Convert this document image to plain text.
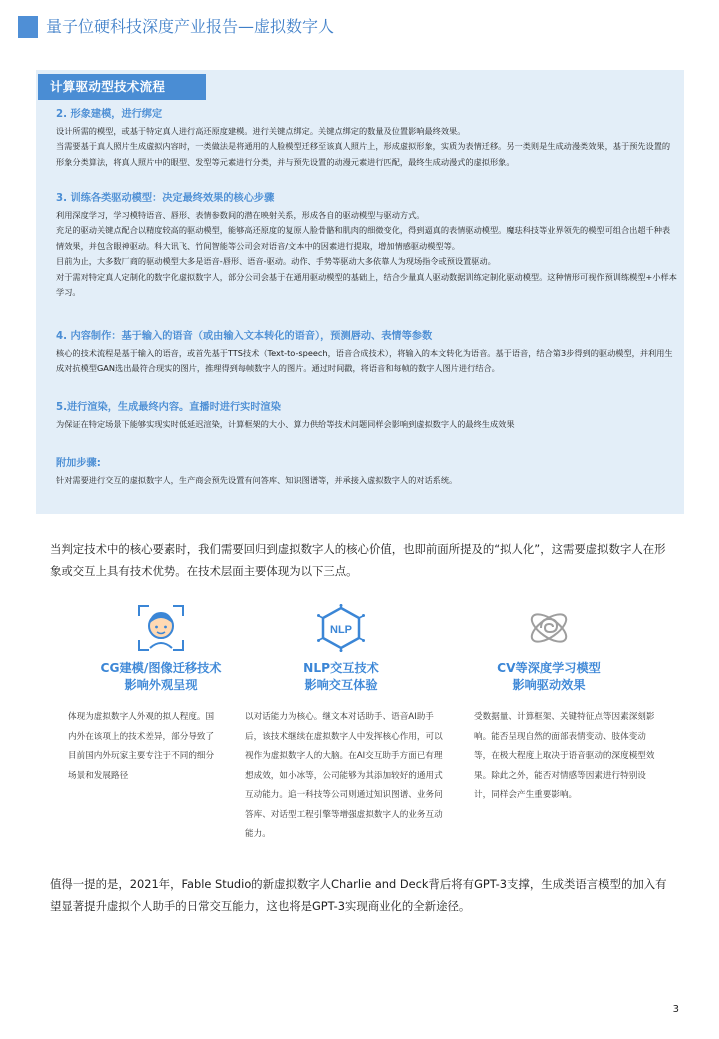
量子位硬科技深度产业报告—虚拟数字人
计算驱动型技术流程
2. 形象建模，进行绑定

设计所需的模型，或基于特定真人进行高还原度建模。进行关键点绑定。关键点绑定的数量及位置影响最终效果。

当需要基于真人照片生成虚拟内容时，一类做法是将通用的人脸模型迁移至该真人照片上，形成虚拟形象，实质为表情迁移。另一类则是生成动漫类效果，基于预先设置的形象分类算法，将真人照片中的眼型、发型等元素进行分类，并与预先设置的动漫元素进行匹配，最终生成动漫式的虚拟形象。

3. 训练各类驱动模型：决定最终效果的核心步骤

利用深度学习，学习模特语音、唇形、表情参数间的潜在映射关系，形成各自的驱动模型与驱动方式。

充足的驱动关键点配合以精度较高的驱动模型，能够高还原度的复原人脸骨骼和肌肉的细微变化，得到逼真的表情驱动模型。魔珐科技等业界领先的模型可组合出超千种表情效果，并包含眼神驱动。科大讯飞、竹间智能等公司会对语音/文本中的因素进行提取，增加情感驱动模型等。

目前为止，大多数厂商的驱动模型大多是语音-唇形、语音-驱动。动作、手势等驱动大多依靠人为现场指令或预设置驱动。

对于需对特定真人定制化的数字化虚拟数字人，部分公司会基于在通用驱动模型的基础上，结合少量真人驱动数据训练定制化驱动模型。这种情形可视作预训练模型+小样本学习。

4. 内容制作：基于输入的语音（或由输入文本转化的语音），预测唇动、表情等参数

核心的技术流程是基于输入的语音，或首先基于TTS技术（Text-to-speech，语音合成技术），将输入的本文转化为语音。基于语音，结合第3步得到的驱动模型，并利用生成对抗模型GAN选出最符合现实的图片，推理得到每帧数字人的图片。通过时间戳，将语音和每帧的数字人图片进行结合。

5.进行渲染，生成最终内容。直播时进行实时渲染

为保证在特定场景下能够实现实时低延迟渲染，计算框架的大小、算力供给等技术问题同样会影响到虚拟数字人的最终生成效果

附加步骤:

针对需要进行交互的虚拟数字人，生产商会预先设置有问答库、知识图谱等，并承接入虚拟数字人的对话系统。

当判定技术中的核心要素时，我们需要回归到虚拟数字人的核心价值，也即前面所提及的“拟人化”，这需要虚拟数字人在形象或交互上具有技术优势。在技术层面主要体现为以下三点。

CG建模/图像迁移技术
影响外观呈现
体现为虚拟数字人外观的拟人程度。国内外在该项上的技术差异，部分导致了目前国内外玩家主要专注于不同的细分场景和发展路径
NLP
NLP交互技术
影响交互体验
以对话能力为核心。继文本对话助手、语音AI助手后，该技术继续在虚拟数字人中发挥核心作用，可以视作为虚拟数字人的大脑。在AI交互助手方面已有理想成效，如小冰等，公司能够为其添加较好的通用式互动能力。追一科技等公司则通过知识图谱、业务问答库、对话型工程引擎等增强虚拟数字人的业务互动能力。
CV等深度学习模型
影响驱动效果
受数据量、计算框架、关键特征点等因素深刻影响。能否呈现自然的面部表情变动、肢体变动等，在极大程度上取决于语音驱动的深度模型效果。除此之外，能否对情感等因素进行特别设计，同样会产生重要影响。

值得一提的是，2021年，Fable Studio的新虚拟数字人Charlie and Deck背后将有GPT-3支撑，生成类语言模型的加入有望显著提升虚拟个人助手的日常交互能力，这也将是GPT-3实现商业化的全新途径。

3
